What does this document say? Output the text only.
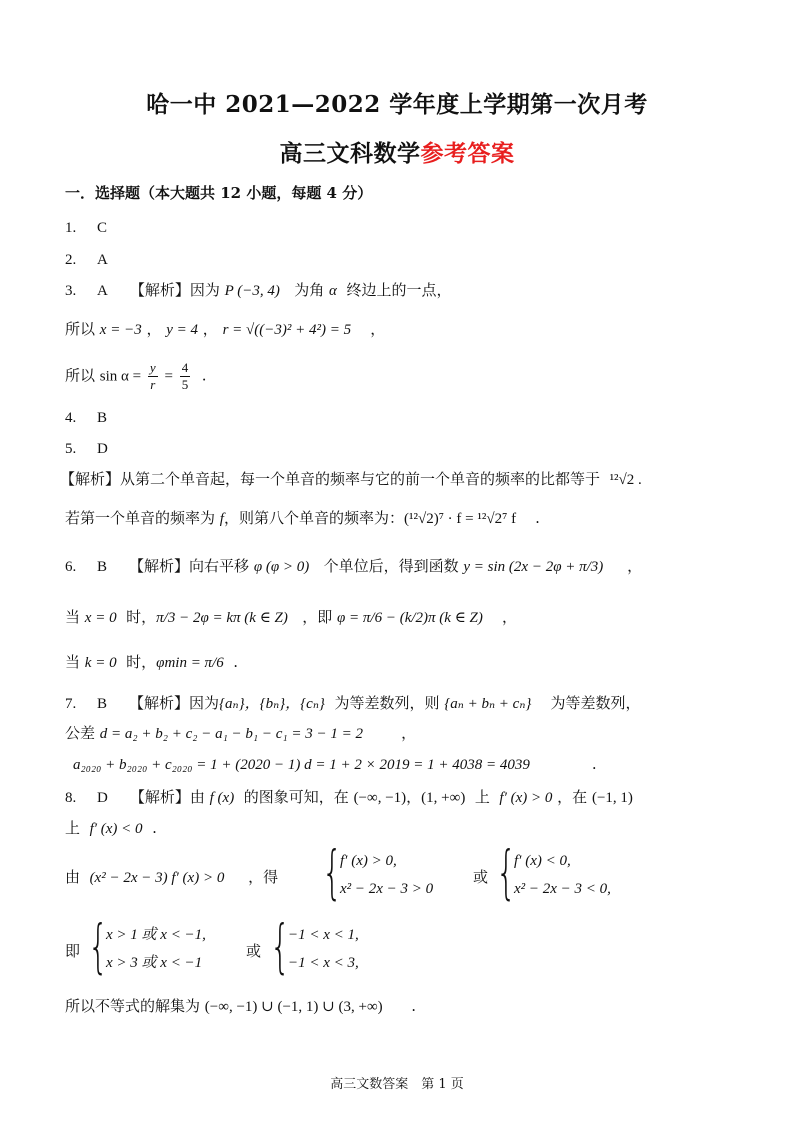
哈一中 2021—2022 学年度上学期第一次月考
高三文科数学参考答案
一．选择题（本大题共 12 小题，每题 4 分）
1. C
2. A
3. A 【解析】因为 P (−3, 4) 为角 α 终边上的一点，
所以 x = −3 ， y = 4 ， r = √((−3)² + 4²) = 5    ，
所以 $\sin \alpha = \frac{y}{r} = \frac{4}{5}$ .
4. B
5. D
【解析】从第二个单音起，每一个单音的频率与它的前一个单音的频率的比都等于 ¹²√2 .
若第一个单音的频率为 f，则第八个单音的频率为：(¹²√2)⁷ · f = ¹²√2⁷ f .
6. B 【解析】向右平移 φ (φ > 0) 个单位后，得到函数 y = sin (2x − 2φ + π/3) ，
当 x = 0 时，π/3 − 2φ = kπ (k ∈ Z) ，即 φ = π/6 − (k/2)π (k ∈ Z) ，
当 k = 0 时，φmin = π/6 .
7. B 【解析】因为{aₙ}，{bₙ}，{cₙ} 为等差数列，则 {aₙ + bₙ + cₙ} 为等差数列，
公差 d = a₂ + b₂ + c₂ − a₁ − b₁ − c₁ = 3 − 1 = 2	，
a₂₀₂₀ + b₂₀₂₀ + c₂₀₂₀ = 1 + (2020 − 1) d = 1 + 2 × 2019 = 1 + 4038 = 4039	.
8. D 【解析】由 f (x) 的图象可知，在 (−∞, −1)，(1, +∞) 上 f′ (x) > 0 ，在 (−1, 1)
上 f′ (x) < 0 .
由 (x² − 2x − 3) f′ (x) > 0 ，得 {
f′ (x) > 0,
x² − 2x − 3 > 0
或 {
f′ (x) < 0,
x² − 2x − 3 < 0,
即 {
x > 1 或 x < −1,
x > 3 或 x < −1
或 {
−1 < x < 1,
−1 < x < 3,
所以不等式的解集为 (−∞, −1) ∪ (−1, 1) ∪ (3, +∞) .
高三文数答案　第 1 页
